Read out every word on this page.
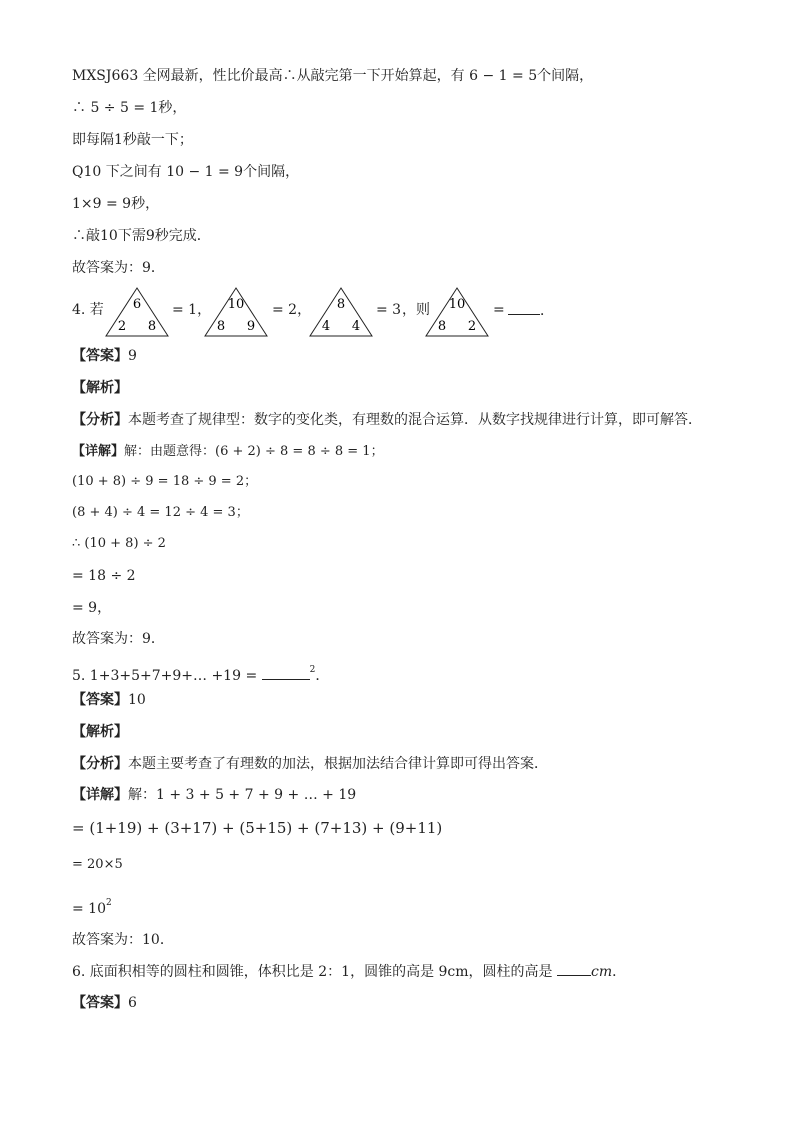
MXSJ663 全网最新，性比价最高∴从敲完第一下开始算起，有 6 − 1 = 5个间隔，
∴ 5 ÷ 5 = 1秒，
即每隔1秒敲一下；
Q10 下之间有 10 − 1 = 9个间隔，
1×9 = 9秒，
∴敲10下需9秒完成．
故答案为：9．
4. 若 6
2 8
= 1， 10
8 9
= 2， 8
4 4
= 3 ，则 10
8 2
=	．
【答案】9
【解析】
【分析】本题考查了规律型：数字的变化类，有理数的混合运算．从数字找规律进行计算，即可解答．
【详解】解：由题意得：(6 + 2) ÷ 8 = 8 ÷ 8 = 1；
(10 + 8) ÷ 9 = 18 ÷ 9 = 2；
(8 + 4) ÷ 4 = 12 ÷ 4 = 3；
∴ (10 + 8) ÷ 2
= 18 ÷ 2
= 9，
故答案为：9．
5. 1+3+5+7+9+… +19 =	$^2$．
【答案】10
【解析】
【分析】本题主要考查了有理数的加法，根据加法结合律计算即可得出答案．
【详解】解：1 + 3 + 5 + 7 + 9 + … + 19
= (1+19) + (3+17) + (5+15) + (7+13) + (9+11)
= 20×5
= $10^2$
故答案为：10．
6. 底面积相等的圆柱和圆锥，体积比是 2：1，圆锥的高是 9cm，圆柱的高是	cm．
【答案】6
